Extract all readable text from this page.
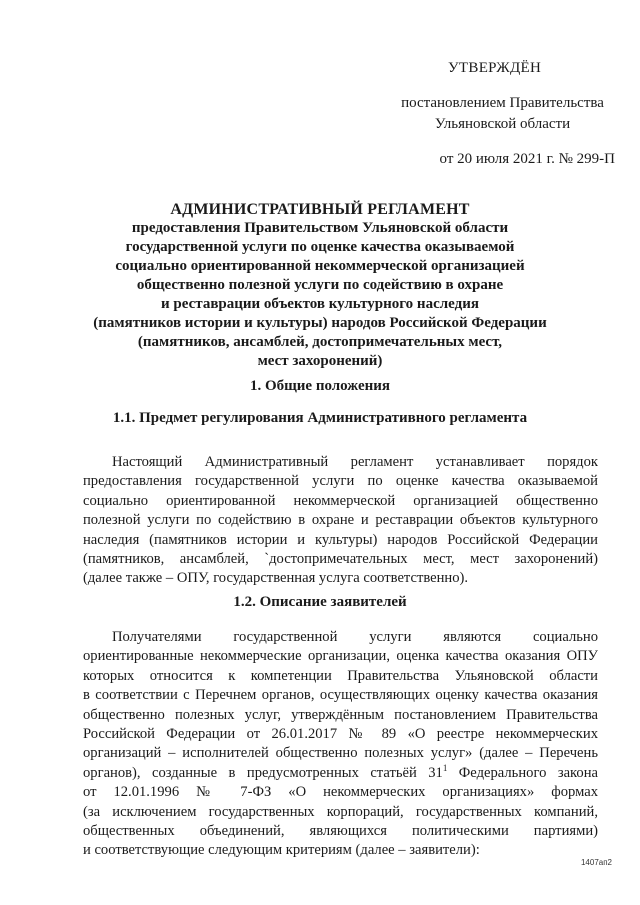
УТВЕРЖДЁН
постановлением Правительства
Ульяновской области
от 20 июля 2021 г. № 299-П
АДМИНИСТРАТИВНЫЙ РЕГЛАМЕНТ
предоставления Правительством Ульяновской области
государственной услуги по оценке качества оказываемой
социально ориентированной некоммерческой организацией
общественно полезной услуги по содействию в охране
и реставрации объектов культурного наследия
(памятников истории и культуры) народов Российской Федерации
(памятников, ансамблей, достопримечательных мест,
мест захоронений)
1. Общие положения
1.1. Предмет регулирования Административного регламента
Настоящий Административный регламент устанавливает порядок
предоставления государственной услуги по оценке качества оказываемой
социально ориентированной некоммерческой организацией общественно
полезной услуги по содействию в охране и реставрации объектов культурного
наследия (памятников истории и культуры) народов Российской Федерации
(памятников, ансамблей, `достопримечательных мест, мест захоронений)
(далее также – ОПУ, государственная услуга соответственно).
1.2. Описание заявителей
Получателями государственной услуги являются социально
ориентированные некоммерческие организации, оценка качества оказания ОПУ
которых относится к компетенции Правительства Ульяновской области
в соответствии с Перечнем органов, осуществляющих оценку качества оказания
общественно полезных услуг, утверждённым постановлением Правительства
Российской Федерации от 26.01.2017 № 89 «О реестре некоммерческих
организаций – исполнителей общественно полезных услуг» (далее – Перечень
органов), созданные в предусмотренных статьёй $31^1$ Федерального закона
от 12.01.1996 № 7-ФЗ «О некоммерческих организациях» формах
(за исключением государственных корпораций, государственных компаний,
общественных объединений, являющихся политическими партиями)
и соответствующие следующим критериям (далее – заявители):
1407ап2
